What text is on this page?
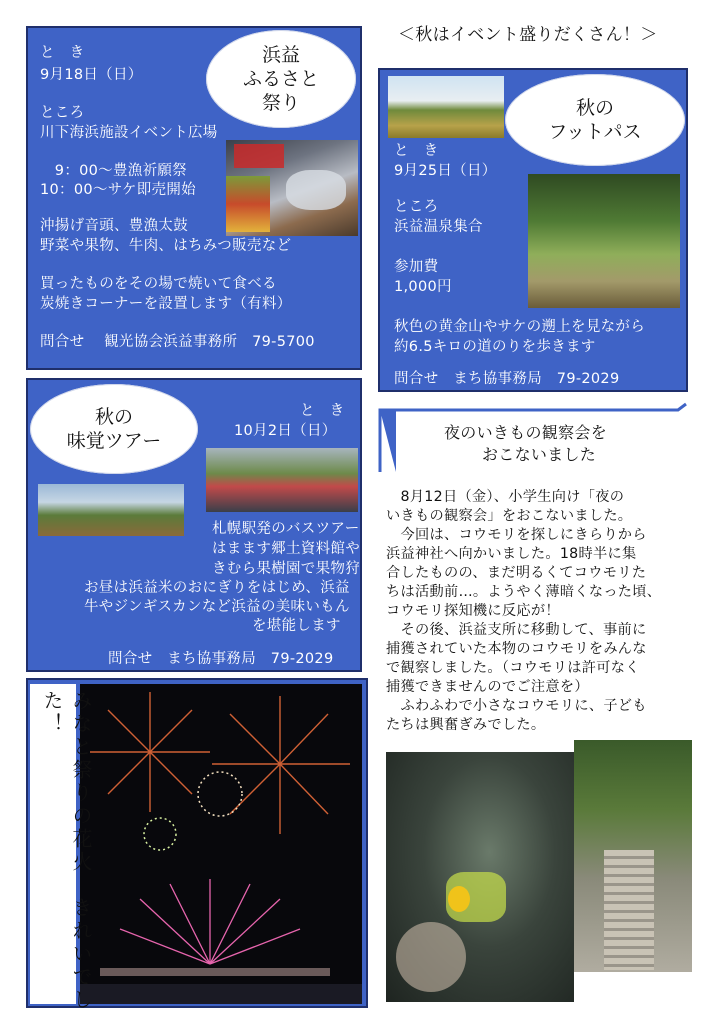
＜秋はイベント盛りだくさん！＞
と　き
9月18日（日）
ところ
川下海浜施設イベント広場
　9：00～豊漁祈願祭
10：00～サケ即売開始
沖揚げ音頭、豊漁太鼓
野菜や果物、牛肉、はちみつ販売など
買ったものをその場で焼いて食べる
炭焼きコーナーを設置します（有料）
問合せ　 観光協会浜益事務所　79-5700
浜益
ふるさと
祭り
と　き
9月25日（日）
ところ
浜益温泉集合
参加費
1,000円
秋色の黄金山やサケの遡上を見ながら
約6.5キロの道のりを歩きます
問合せ　まち協事務局　79-2029
秋の
フットパス
と　き
10月2日（日）
札幌駅発のバスツアー
はまます郷土資料館や
きむら果樹園で果物狩り
お昼は浜益米のおにぎりをはじめ、浜益
牛やジンギスカンなど浜益の美味いもん
を堪能します
問合せ　まち協事務局　79-2029
秋の
味覚ツアー	夜のいきもの観察会を
おこないました
　8月12日（金）、小学生向け「夜の
いきもの観察会」をおこないました。
　今回は、コウモリを探しにきらりから
浜益神社へ向かいました。18時半に集
合したものの、まだ明るくてコウモリた
ちは活動前…。ようやく薄暗くなった頃、
コウモリ探知機に反応が！
　その後、浜益支所に移動して、事前に
捕獲されていた本物のコウモリをみんな
で観察しました。（コウモリは許可なく
捕獲できませんのでご注意を）
　ふわふわで小さなコウモリに、子ども
たちは興奮ぎみでした。
みなと祭りの花火　きれいでした！
